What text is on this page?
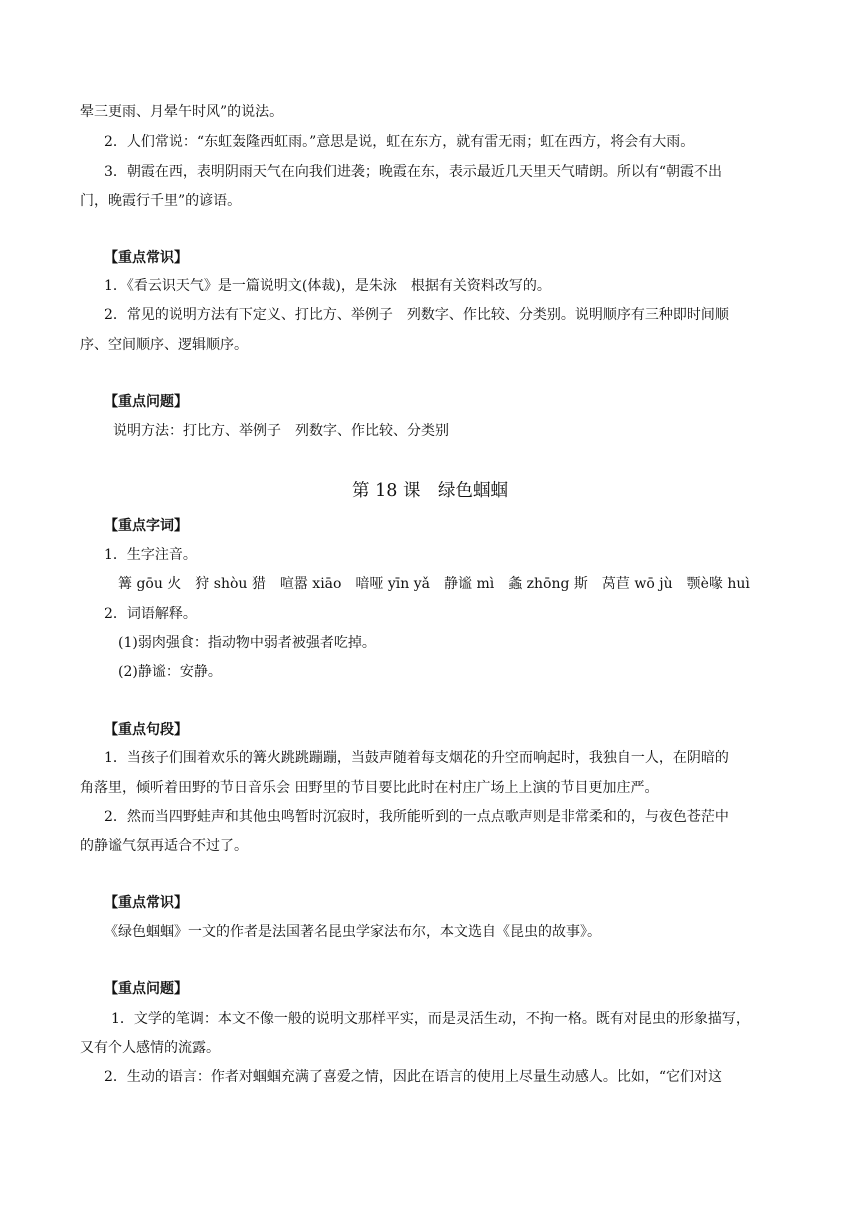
晕三更雨、月晕午时风”的说法。
2．人们常说：“东虹轰隆西虹雨。”意思是说，虹在东方，就有雷无雨；虹在西方，将会有大雨。
3．朝霞在西，表明阴雨天气在向我们进袭；晚霞在东，表示最近几天里天气晴朗。所以有“朝霞不出
门，晚霞行千里”的谚语。
【重点常识】
1．《看云识天气》是一篇说明文(体裁)，是朱泳　根据有关资料改写的。
2．常见的说明方法有下定义、打比方、举例子　列数字、作比较、分类别。说明顺序有三种即时间顺
序、空间顺序、逻辑顺序。
【重点问题】
说明方法：打比方、举例子　列数字、作比较、分类别
第 18 课　绿色蝈蝈
【重点字词】
1．生字注音。
篝 gōu 火　狩 shòu 猎　喧嚣 xiāo　喑哑 yīn yǎ　静谧 mì　螽 zhōng 斯　莴苣 wō jù　颚è喙 huì
2．词语解释。
(1)弱肉强食：指动物中弱者被强者吃掉。
(2)静谧：安静。
【重点句段】
1．当孩子们围着欢乐的篝火跳跳蹦蹦，当鼓声随着每支烟花的升空而响起时，我独自一人，在阴暗的
角落里，倾听着田野的节日音乐会 田野里的节目要比此时在村庄广场上上演的节目更加庄严。
2．然而当四野蛙声和其他虫鸣暂时沉寂时，我所能听到的一点点歌声则是非常柔和的，与夜色苍茫中
的静谧气氛再适合不过了。
【重点常识】
《绿色蝈蝈》一文的作者是法国著名昆虫学家法布尔，本文选自《昆虫的故事》。
【重点问题】
1．文学的笔调：本文不像一般的说明文那样平实，而是灵活生动，不拘一格。既有对昆虫的形象描写，
又有个人感情的流露。
2．生动的语言：作者对蝈蝈充满了喜爱之情，因此在语言的使用上尽量生动感人。比如，“它们对这
